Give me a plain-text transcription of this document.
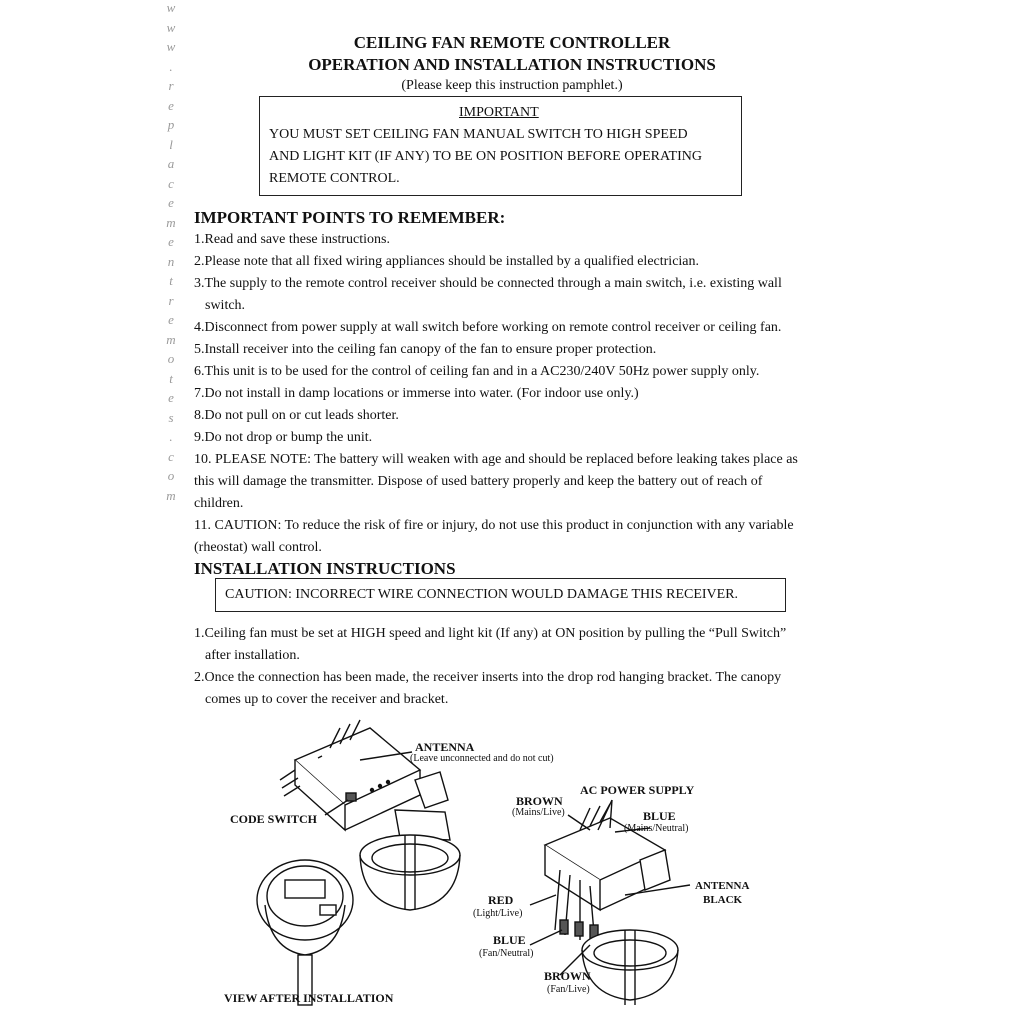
w
w
w
.
r
e
p
l
a
c
e
m
e
n
t
r
e
m
o
t
e
s
.
c
o
m
CEILING FAN REMOTE CONTROLLER
OPERATION AND INSTALLATION INSTRUCTIONS
(Please keep this instruction pamphlet.)
IMPORTANT
YOU MUST SET CEILING FAN MANUAL SWITCH TO HIGH SPEED
AND LIGHT KIT (IF ANY) TO BE ON POSITION BEFORE OPERATING
REMOTE CONTROL.
IMPORTANT POINTS TO REMEMBER:
1.Read and save these instructions.
2.Please note that all fixed wiring appliances should be installed by a qualified electrician.
3.The supply to the remote control receiver should be connected through a main switch, i.e. existing wall
switch.
4.Disconnect from power supply at wall switch before working on remote control receiver or ceiling fan.
5.Install receiver into the ceiling fan canopy of the fan to ensure proper protection.
6.This unit is to be used for the control of ceiling fan and in a AC230/240V 50Hz power supply only.
7.Do not install in damp locations or immerse into water. (For indoor use only.)
8.Do not pull on or cut leads shorter.
9.Do not drop or bump the unit.
10. PLEASE NOTE: The battery will weaken with age and should be replaced before leaking takes place as
this will damage the transmitter. Dispose of used battery properly and keep the battery out of reach of
children.
11. CAUTION: To reduce the risk of fire or injury, do not use this product in conjunction with any variable
(rheostat) wall control.
INSTALLATION INSTRUCTIONS
CAUTION: INCORRECT WIRE CONNECTION WOULD DAMAGE THIS RECEIVER.
1.Ceiling fan must be set at HIGH speed and light kit (If any) at ON position by pulling the “Pull Switch”
after installation.
2.Once the connection has been made, the receiver inserts into the drop rod hanging bracket. The canopy
comes up to cover the receiver and bracket.
ANTENNA
(Leave unconnected and do not cut)
CODE SWITCH
VIEW AFTER INSTALLATION
AC POWER SUPPLY
BROWN
(Mains/Live)	BLUE
(Mains/Neutral)
ANTENNA
BLACK
RED
(Light/Live)
BLUE
(Fan/Neutral)
BROWN
(Fan/Live)
